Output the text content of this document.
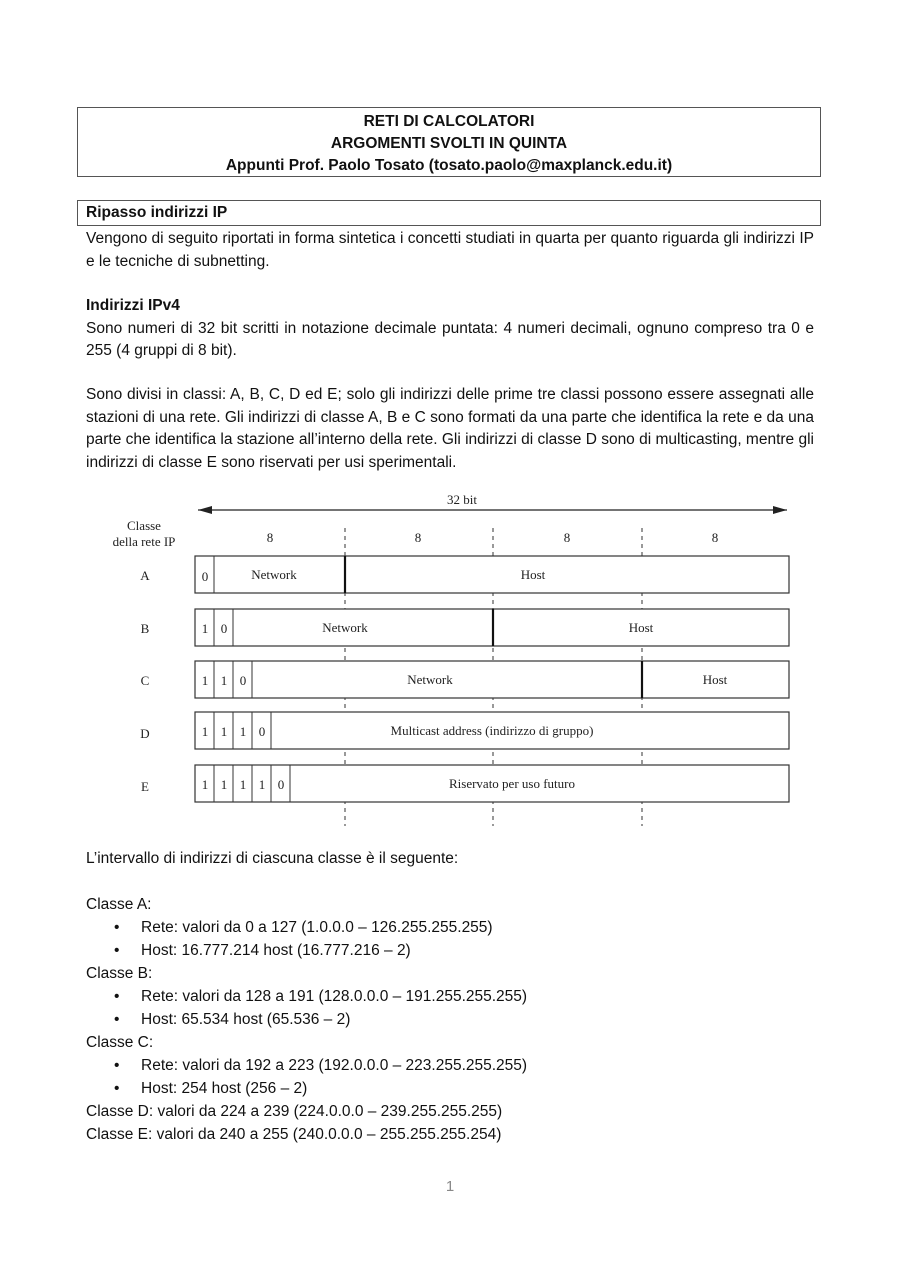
RETI DI CALCOLATORI
ARGOMENTI SVOLTI IN QUINTA
Appunti Prof. Paolo Tosato (tosato.paolo@maxplanck.edu.it)
Ripasso indirizzi IP

Vengono di seguito riportati in forma sintetica i concetti studiati in quarta per quanto riguarda gli indirizzi IP e le tecniche di subnetting.

Indirizzi IPv4

Sono numeri di 32 bit scritti in notazione decimale puntata: 4 numeri decimali, ognuno compreso tra 0 e 255 (4 gruppi di 8 bit).

Sono divisi in classi: A, B, C, D ed E; solo gli indirizzi delle prime tre classi possono essere assegnati alle stazioni di una rete. Gli indirizzi di classe A, B e C sono formati da una parte che identifica la rete e da una parte che identifica la stazione all’interno della rete. Gli indirizzi di classe D sono di multicasting, mentre gli indirizzi di classe E sono riservati per usi sperimentali.

32 bit
Classe
della rete IP	8	8	8	8
A	0	Network	Host
B	1 0	Network	Host
C	1 1 0	Network	Host
D	1 1 1 0	Multicast address (indirizzo di gruppo)
E	1 1 1 1 0	Riservato per uso futuro

L’intervallo di indirizzi di ciascuna classe è il seguente:

Classe A:

• Rete: valori da 0 a 127 (1.0.0.0 – 126.255.255.255)
• Host: 16.777.214 host (16.777.216 – 2)

Classe B:

• Rete: valori da 128 a 191 (128.0.0.0 – 191.255.255.255)
• Host: 65.534 host (65.536 – 2)

Classe C:

• Rete: valori da 192 a 223 (192.0.0.0 – 223.255.255.255)
• Host: 254 host (256 – 2)

Classe D: valori da 224 a 239 (224.0.0.0 – 239.255.255.255)

Classe E: valori da 240 a 255 (240.0.0.0 – 255.255.255.254)

1
